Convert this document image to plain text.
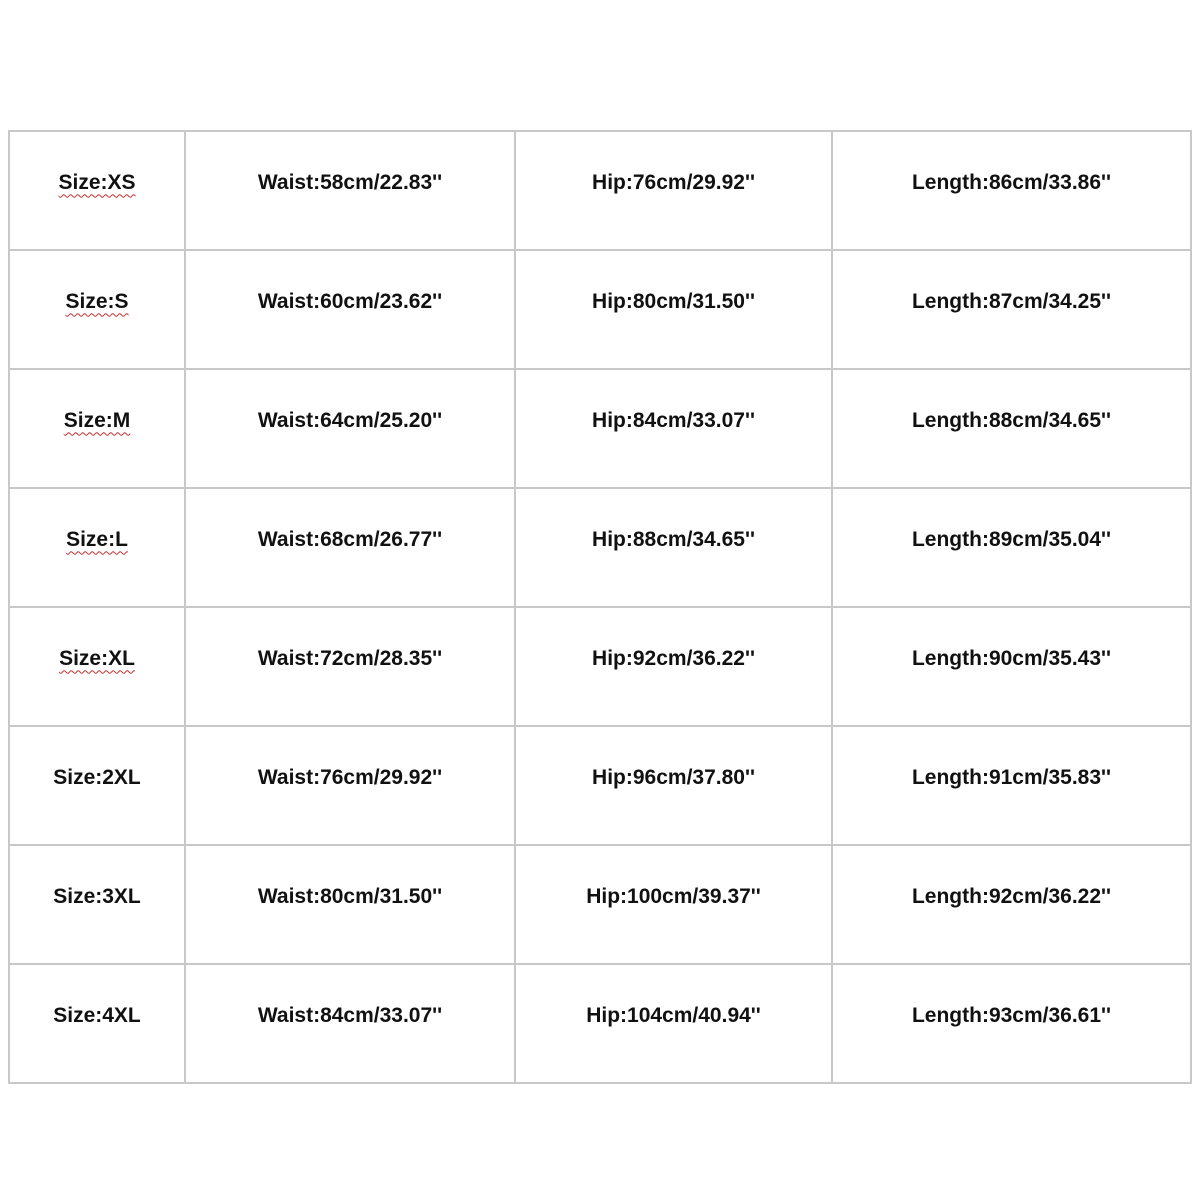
Size:XS	Waist:58cm/22.83''	Hip:76cm/29.92''	Length:86cm/33.86''
Size:S	Waist:60cm/23.62''	Hip:80cm/31.50''	Length:87cm/34.25''
Size:M	Waist:64cm/25.20''	Hip:84cm/33.07''	Length:88cm/34.65''
Size:L	Waist:68cm/26.77''	Hip:88cm/34.65''	Length:89cm/35.04''
Size:XL	Waist:72cm/28.35''	Hip:92cm/36.22''	Length:90cm/35.43''
Size:2XL	Waist:76cm/29.92''	Hip:96cm/37.80''	Length:91cm/35.83''
Size:3XL	Waist:80cm/31.50''	Hip:100cm/39.37''	Length:92cm/36.22''
Size:4XL	Waist:84cm/33.07''	Hip:104cm/40.94''	Length:93cm/36.61''
